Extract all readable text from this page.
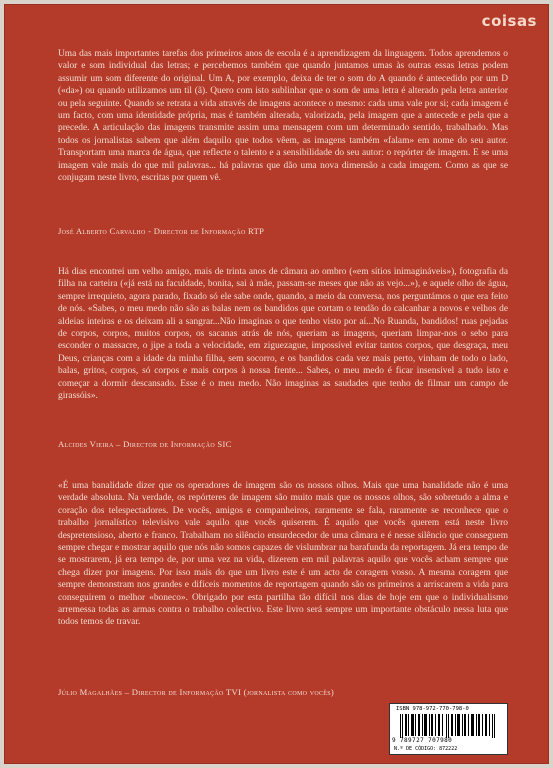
coisas

Uma das mais importantes tarefas dos primeiros anos de escola é a aprendizagem da linguagem. Todos aprendemos o valor e som individual das letras; e percebemos também que quando juntamos umas às outras essas letras podem assumir um som diferente do original. Um A, por exemplo, deixa de ter o som do A quando é antecedido por um D («da») ou quando utilizamos um til (ã). Quero com isto sublinhar que o som de uma letra é alterado pela letra anterior ou pela seguinte. Quando se retrata a vida através de imagens acontece o mesmo: cada uma vale por si; cada imagem é um facto, com uma identidade própria, mas é também alterada, valorizada, pela imagem que a antecede e pela que a precede. A articulação das imagens transmite assim uma mensagem com um determinado sentido, trabalhado. Mas todos os jornalistas sabem que além daquilo que todos vêem, as imagens também «falam» em nome do seu autor. Transportam uma marca de água, que reflecte o talento e a sensibilidade do seu autor: o repórter de imagem. E se uma imagem vale mais do que mil palavras... há palavras que dão uma nova dimensão a cada imagem. Como as que se conjugam neste livro, escritas por quem vê.

José Alberto Carvalho - Director de Informação RTP

Há dias encontrei um velho amigo, mais de trinta anos de câmara ao ombro («em sítios inimagináveis»), fotografia da filha na carteira («já está na faculdade, bonita, sai à mãe, passam-se meses que não as vejo...»), e aquele olho de água, sempre irrequieto, agora parado, fixado só ele sabe onde, quando, a meio da conversa, nos perguntámos o que era feito de nós. «Sabes, o meu medo não são as balas nem os bandidos que cortam o tendão do calcanhar a novos e velhos de aldeias inteiras e os deixam ali a sangrar...Não imaginas o que tenho visto por aí...No Ruanda, bandidos! ruas pejadas de corpos, corpos, muitos corpos, os sacanas atrás de nós, queriam as imagens, queriam limpar-nos o sebo para esconder o massacre, o jipe a toda a velocidade, em ziguezague, impossível evitar tantos corpos, que desgraça, meu Deus, crianças com a idade da minha filha, sem socorro, e os bandidos cada vez mais perto, vinham de todo o lado, balas, gritos, corpos, só corpos e mais corpos à nossa frente... Sabes, o meu medo é ficar insensível a tudo isto e começar a dormir descansado. Esse é o meu medo. Não imaginas as saudades que tenho de filmar um campo de girassóis».

Alcides Vieira – Director de Informação SIC

«É uma banalidade dizer que os operadores de imagem são os nossos olhos. Mais que uma banalidade não é uma verdade absoluta. Na verdade, os repórteres de imagem são muito mais que os nossos olhos, são sobretudo a alma e coração dos telespectadores. De vocês, amigos e companheiros, raramente se fala, raramente se reconhece que o trabalho jornalístico televisivo vale aquilo que vocês quiserem. É aquilo que vocês querem está neste livro despretensioso, aberto e franco. Trabalham no silêncio ensurdecedor de uma câmara e é nesse silêncio que conseguem sempre chegar e mostrar aquilo que nós não somos capazes de vislumbrar na barafunda da reportagem. Já era tempo de se mostrarem, já era tempo de, por uma vez na vida, dizerem em mil palavras aquilo que vocês acham sempre que chega dizer por imagens. Por isso mais do que um livro este é um acto de coragem vosso. A mesma coragem que sempre demonstram nos grandes e difíceis momentos de reportagem quando são os primeiros a arriscarem a vida para conseguirem o melhor «boneco». Obrigado por esta partilha tão difícil nos dias de hoje em que o individualismo arremessa todas as armas contra o trabalho colectivo. Este livro será sempre um importante obstáculo nessa luta que todos temos de travar.

Júlio Magalhães – Director de Informação TVI (jornalista como vocês)
ISBN 978-972-770-798-0
9 789727 707980
N.º DE CÓDIGO: 872222
